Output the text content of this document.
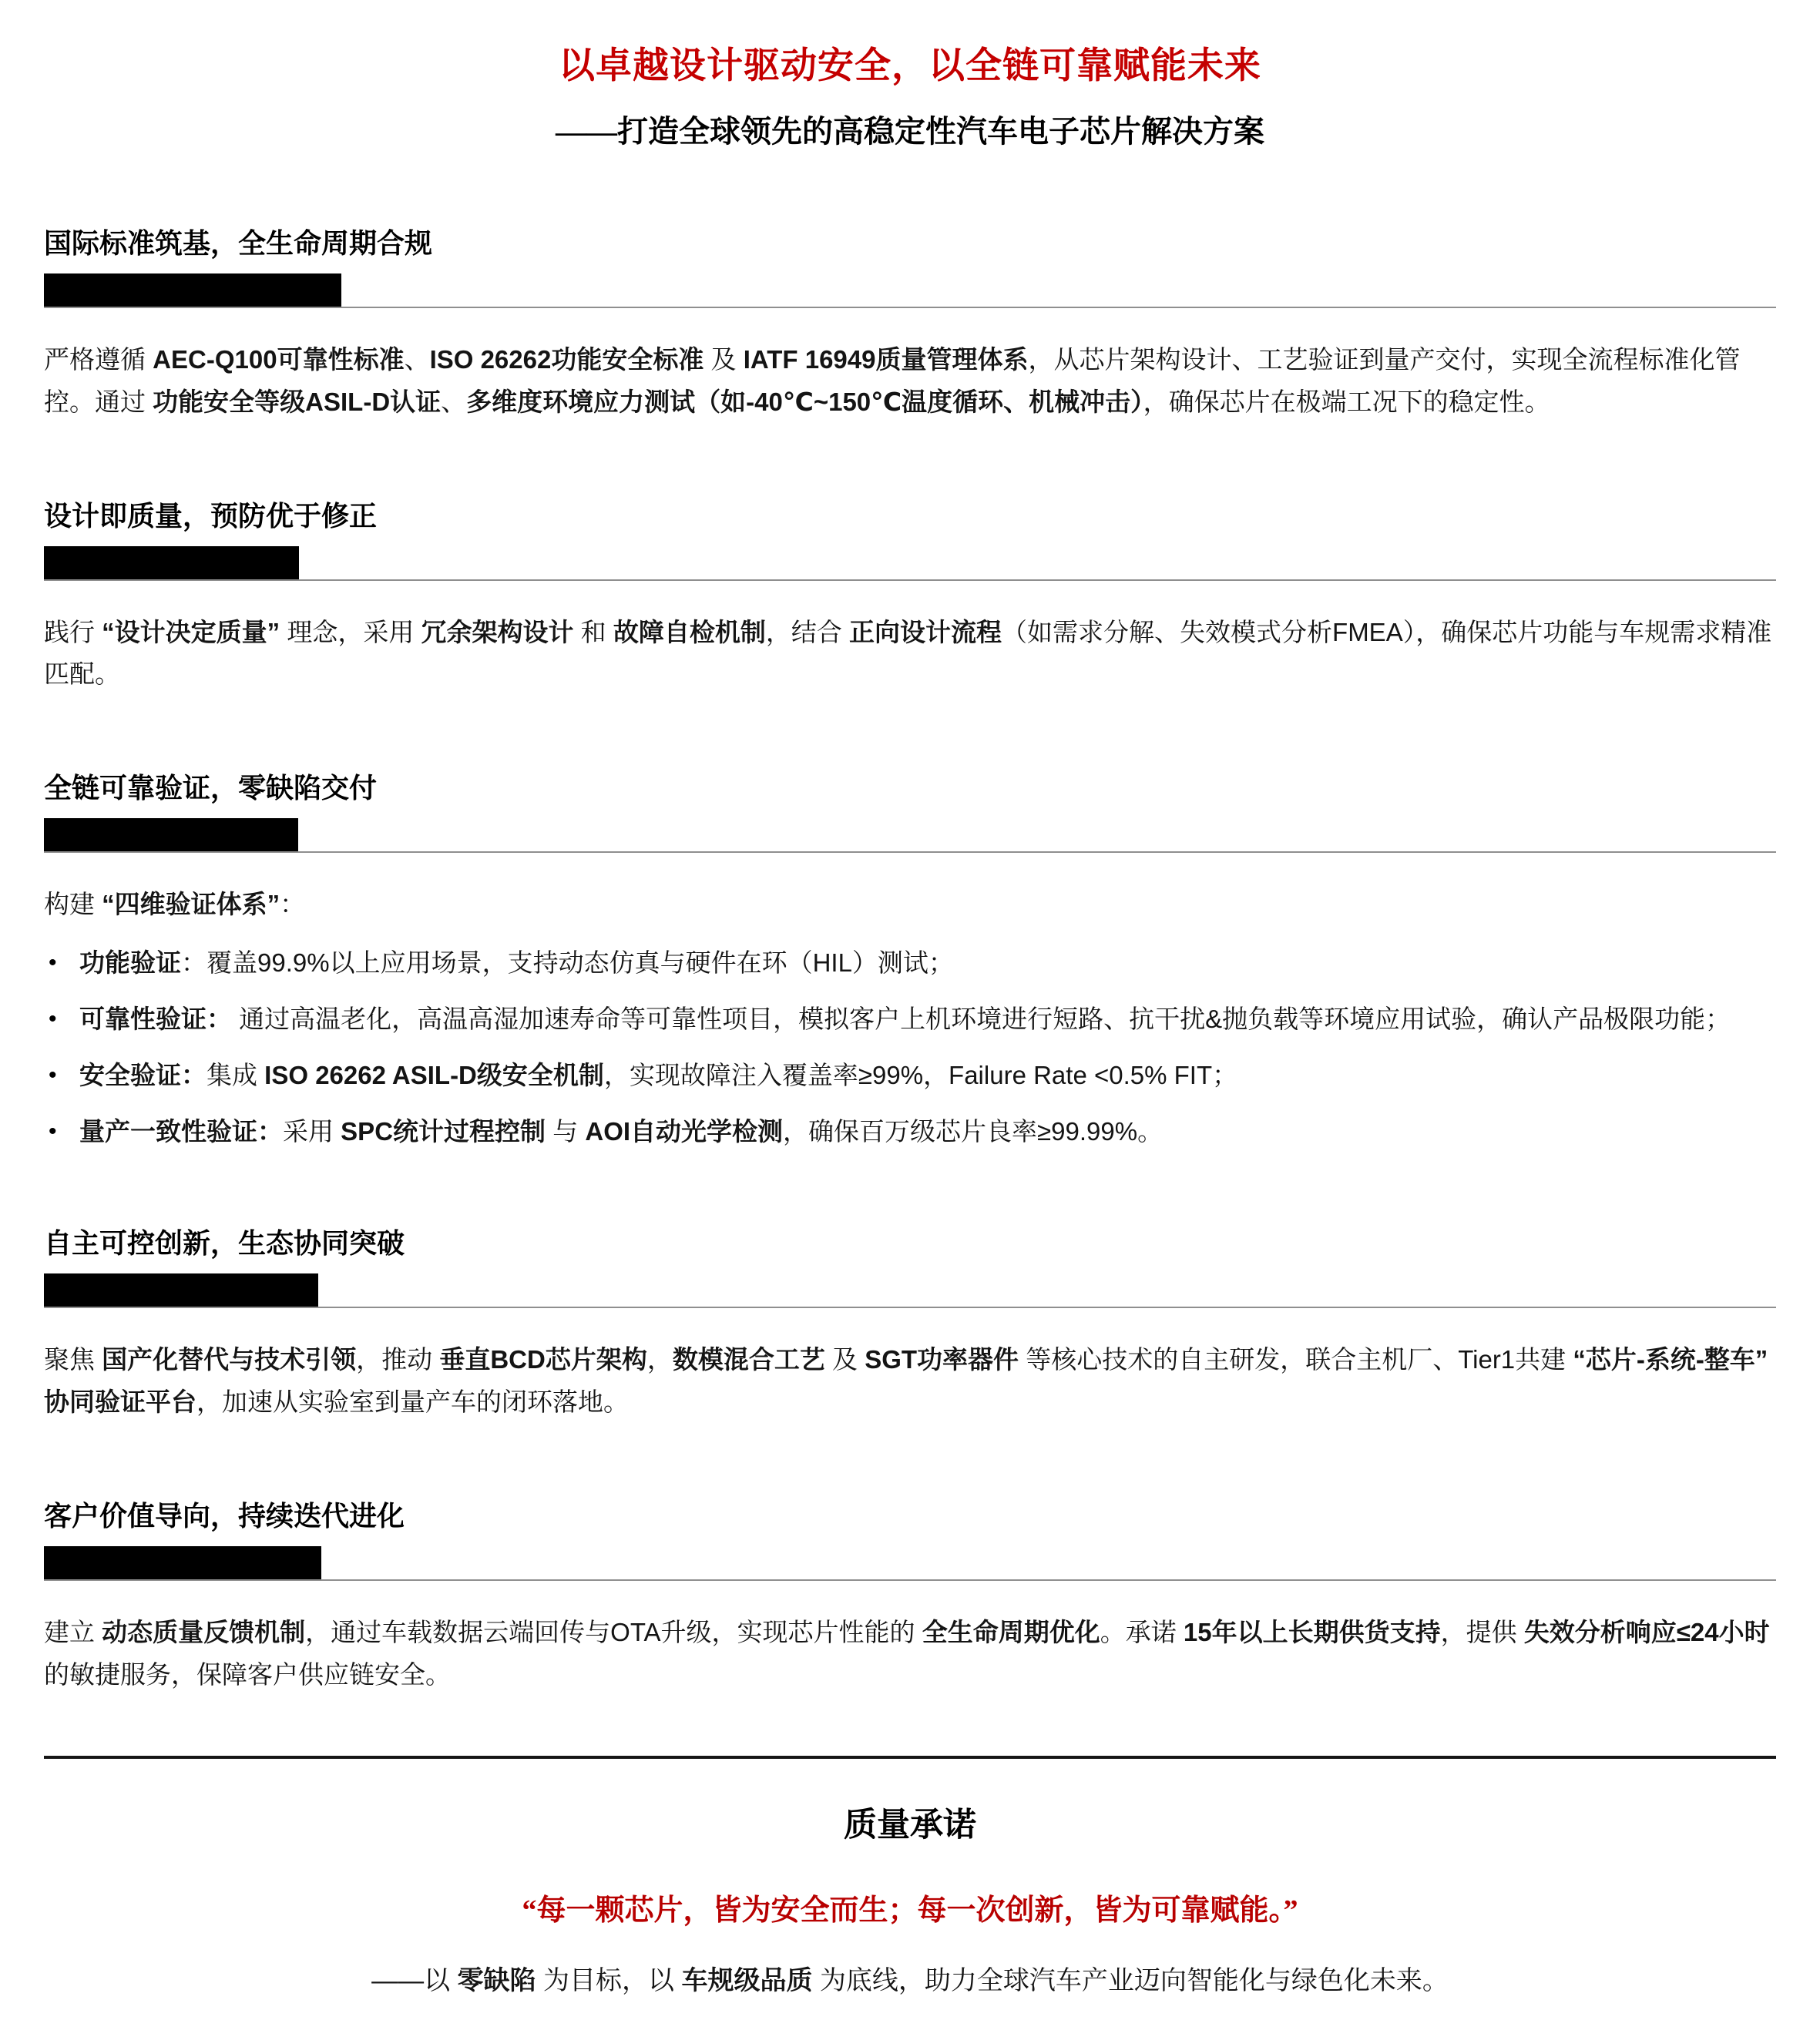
以卓越设计驱动安全，以全链可靠赋能未来
——打造全球领先的高稳定性汽车电子芯片解决方案
国际标准筑基，全生命周期合规

严格遵循 AEC-Q100可靠性标准、ISO 26262功能安全标准 及 IATF 16949质量管理体系，从芯片架构设计、工艺验证到量产交付，实现全流程标准化管控。通过 功能安全等级ASIL-D认证、多维度环境应力测试（如-40℃~150℃温度循环、机械冲击），确保芯片在极端工况下的稳定性。

设计即质量，预防优于修正

践行 “设计决定质量” 理念，采用 冗余架构设计 和 故障自检机制，结合 正向设计流程（如需求分解、失效模式分析FMEA），确保芯片功能与车规需求精准匹配。

全链可靠验证，零缺陷交付

构建 “四维验证体系”：

• 功能验证：覆盖99.9%以上应用场景，支持动态仿真与硬件在环（HIL）测试；
• 可靠性验证： 通过高温老化，高温高湿加速寿命等可靠性项目，模拟客户上机环境进行短路、抗干扰&抛负载等环境应用试验，确认产品极限功能；
• 安全验证：集成 ISO 26262 ASIL-D级安全机制，实现故障注入覆盖率≥99%，Failure Rate <0.5% FIT；
• 量产一致性验证：采用 SPC统计过程控制 与 AOI自动光学检测，确保百万级芯片良率≥99.99%。
自主可控创新，生态协同突破

聚焦 国产化替代与技术引领，推动 垂直BCD芯片架构，数模混合工艺 及 SGT功率器件 等核心技术的自主研发，联合主机厂、Tier1共建 “芯片-系统-整车”协同验证平台，加速从实验室到量产车的闭环落地。

客户价值导向，持续迭代进化

建立 动态质量反馈机制，通过车载数据云端回传与OTA升级，实现芯片性能的 全生命周期优化。承诺 15年以上长期供货支持，提供 失效分析响应≤24小时 的敏捷服务，保障客户供应链安全。

质量承诺
“每一颗芯片，皆为安全而生；每一次创新，皆为可靠赋能。”
——以 零缺陷 为目标，以 车规级品质 为底线，助力全球汽车产业迈向智能化与绿色化未来。
